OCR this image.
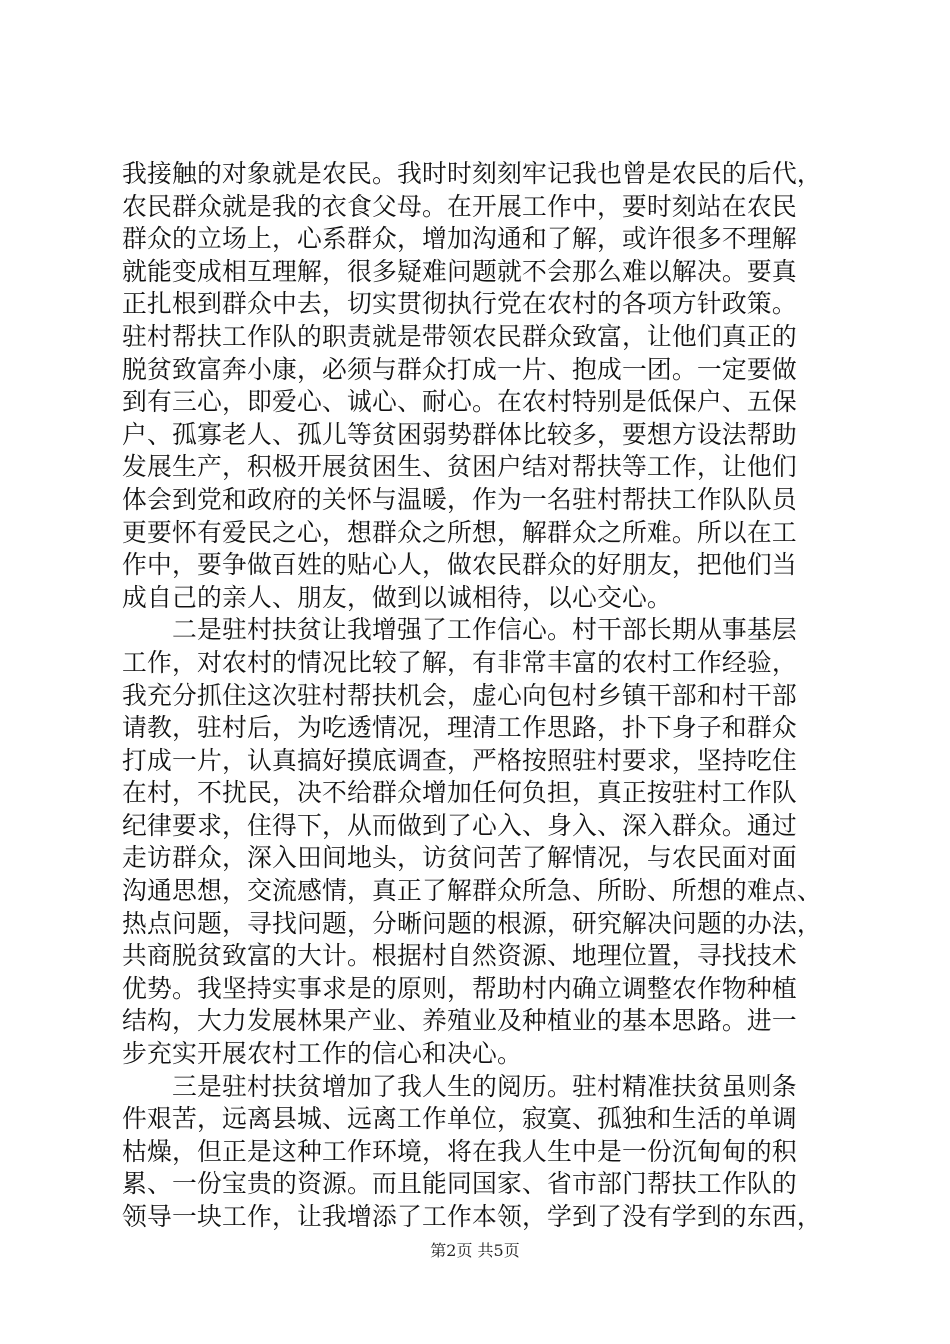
我接触的对象就是农民。我时时刻刻牢记我也曾是农民的后代，
农民群众就是我的衣食父母。在开展工作中，要时刻站在农民
群众的立场上，心系群众，增加沟通和了解，或许很多不理解
就能变成相互理解，很多疑难问题就不会那么难以解决。要真
正扎根到群众中去，切实贯彻执行党在农村的各项方针政策。
驻村帮扶工作队的职责就是带领农民群众致富，让他们真正的
脱贫致富奔小康，必须与群众打成一片、抱成一团。一定要做
到有三心，即爱心、诚心、耐心。在农村特别是低保户、五保
户、孤寡老人、孤儿等贫困弱势群体比较多，要想方设法帮助
发展生产，积极开展贫困生、贫困户结对帮扶等工作，让他们
体会到党和政府的关怀与温暖，作为一名驻村帮扶工作队队员
更要怀有爱民之心，想群众之所想，解群众之所难。所以在工
作中，要争做百姓的贴心人，做农民群众的好朋友，把他们当
成自己的亲人、朋友，做到以诚相待，以心交心。
　　二是驻村扶贫让我增强了工作信心。村干部长期从事基层
工作，对农村的情况比较了解，有非常丰富的农村工作经验，
我充分抓住这次驻村帮扶机会，虚心向包村乡镇干部和村干部
请教，驻村后，为吃透情况，理清工作思路，扑下身子和群众
打成一片，认真搞好摸底调查，严格按照驻村要求，坚持吃住
在村，不扰民，决不给群众增加任何负担，真正按驻村工作队
纪律要求，住得下，从而做到了心入、身入、深入群众。通过
走访群众，深入田间地头，访贫问苦了解情况，与农民面对面
沟通思想，交流感情，真正了解群众所急、所盼、所想的难点、
热点问题，寻找问题，分晰问题的根源，研究解决问题的办法，
共商脱贫致富的大计。根据村自然资源、地理位置，寻找技术
优势。我坚持实事求是的原则，帮助村内确立调整农作物种植
结构，大力发展林果产业、养殖业及种植业的基本思路。进一
步充实开展农村工作的信心和决心。
　　三是驻村扶贫增加了我人生的阅历。驻村精准扶贫虽则条
件艰苦，远离县城、远离工作单位，寂寞、孤独和生活的单调
枯燥，但正是这种工作环境，将在我人生中是一份沉甸甸的积
累、一份宝贵的资源。而且能同国家、省市部门帮扶工作队的
领导一块工作，让我增添了工作本领，学到了没有学到的东西，
第2页 共5页
